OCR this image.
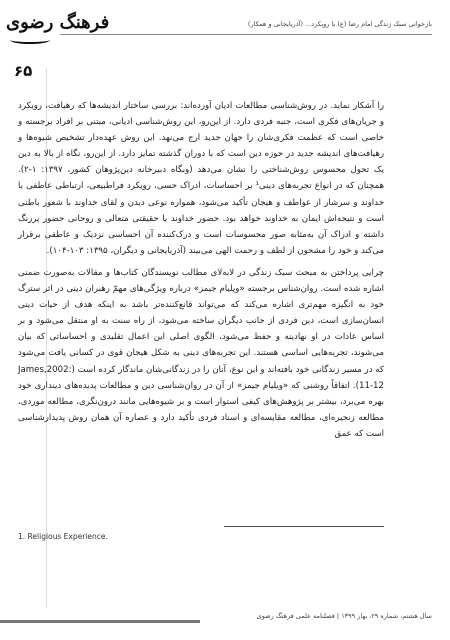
فرهنگ رضوی	بازخوانی سبک زندگی امام رضا (ع) با رویکرد... (آذربایجانی و همکار)
۶۵

را آشکار نماید. در روش‌شناسی مطالعات ادیان آورده‌اند: بررسی ساختار اندیشه‌ها که رهیافت، رویکرد و جریان‌های فکری است، جنبه فردی دارد. از این‌رو، این روش‌شناسی ادیانی، مبتنی بر افراد برجسته و خاصی است که عظمت فکری‌شان را جهان جدید ارج می‌نهد. این روش عهده‌دار تشخیص شیوه‌ها و رهیافت‌های اندیشه جدید در حوزه دین است که با دوران گذشته تمایز دارد. از این‌رو، نگاه از بالا به دین یک تحول محسوس روش‌شناختی را نشان می‌دهد (وبگاه دبیرخانه دین‌پژوهان کشور، ۱۳۹۷: ۱-۲). همچنان که در انواع تجربه‌های دینی¹ بر احساسات، ادراک حسی، رویکرد فراطبیعی، ارتباطی عاطفی با خداوند و سرشار از عواطف و هیجان تأکید می‌شود، همواره نوعی دیدن و لقای خداوند با شعور باطنی است و نتیجه‌اش ایمان به خداوند خواهد بود. حضور خداوند یا حقیقتی متعالی و روحانی حضور پررنگ داشته و ادراک آن به‌مثابه صور محسوسات است و درک‌کننده آن احساسی نزدیک و عاطفی برقرار می‌کند و خود را مشحون از لطف و رحمت الهی می‌بیند (آذربایجانی و دیگران، ۱۳۹۵: ۱۰۳-۱۰۴).

چرایی پرداختن به مبحث سبک زندگی در لابه‌لای مطالب نویسندگان کتاب‌ها و مقالات به‌صورت ضمنی اشاره شده است. روان‌شناس برجسته «ویلیام جیمز» درباره ویژگی‌های مهمّ رهبران دینی در اثر سترگ خود به انگیزه مهم‌تری اشاره می‌کند که می‌تواند قانع‌کننده‌تر باشد به اینکه هدف از حیات دینی انسان‌سازی است، دین فردی از جانب دیگران ساخته می‌شود، از راه سنت به او منتقل می‌شود و بر اساس عادات در او نهادینه و حفظ می‌شود، الگوی اصلی این اعمال تقلیدی و احساساتی که بیان می‌شوند، تجربه‌هایی اساسی هستند. این تجربه‌های دینی به شکل هیجان قوی در کسانی یافت می‌شود که در مسیر زندگانی خود بافته‌اند و این نوع، آنان را در زندگانی‌شان ماندگار کرده است (James,2002: 11-12). اتفاقاً روشنی که «ویلیام جیمز» از آن در روان‌شناسی دین و مطالعات پدیده‌های دینداری خود بهره می‌برد، بیشتر بر پژوهش‌های کیفی استوار است و بر شیوه‌هایی مانند درون‌نگری، مطالعه موردی، مطالعه زنجیره‌ای، مطالعه مقایسه‌ای و اسناد فردی تأکید دارد و عصاره آن همان روش پدیدارشناسی است که عمق

1. Religious Experience.
سال هشتم، شماره ۲۹، بهار ۱۳۹۹ | فصلنامه علمی فرهنگ رضوی
